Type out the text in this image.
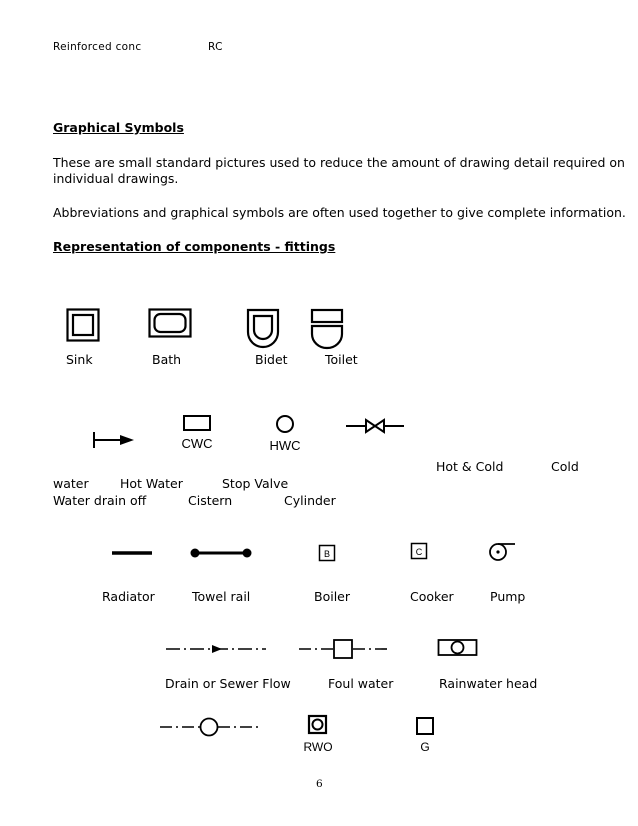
Reinforced conc	RC
Graphical Symbols
These are small standard pictures used to reduce the amount of drawing detail required on
individual drawings.
Abbreviations and graphical symbols are often used together to give complete information.
Representation of components - fittings
Sink	Bath	Bidet	Toilet
CWC	HWC
Hot & Cold	Cold
water	Hot Water	Stop Valve
Water drain off	Cistern	Cylinder
B	C
Radiator	Towel rail	Boiler	Cooker	Pump
Drain or Sewer Flow	Foul water	Rainwater head
RWO	G
6
